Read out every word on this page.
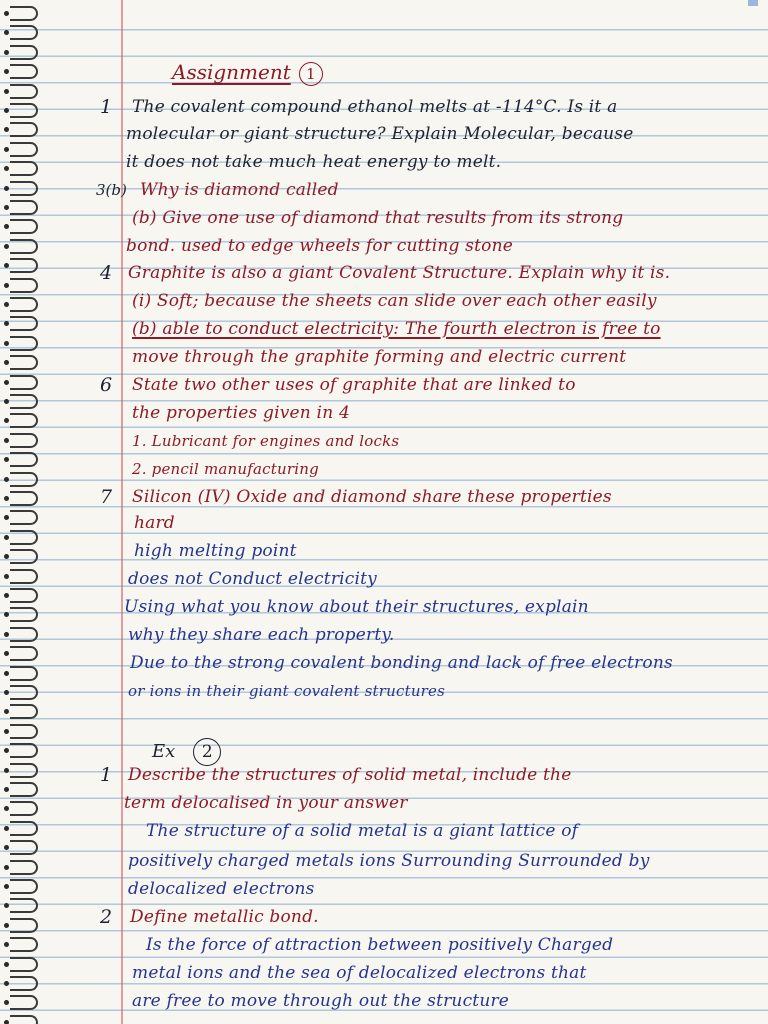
Assignment 1
1 The covalent compound ethanol melts at -114°C. Is it a
molecular or giant structure? Explain Molecular, because
it does not take much heat energy to melt.
3(b) Why is diamond called
(b) Give one use of diamond that results from its strong
bond. used to edge wheels for cutting stone
4 Graphite is also a giant Covalent Structure. Explain why it is.
(i) Soft; because the sheets can slide over each other easily
(b) able to conduct electricity: The fourth electron is free to
move through the graphite forming and electric current
6 State two other uses of graphite that are linked to
the properties given in 4
1. Lubricant for engines and locks
2. pencil manufacturing
7 Silicon (IV) Oxide and diamond share these properties
hard
high melting point
does not Conduct electricity
Using what you know about their structures, explain
why they share each property.
Due to the strong covalent bonding and lack of free electrons
or ions in their giant covalent structures
Ex 2
1 Describe the structures of solid metal, include the
term delocalised in your answer
The structure of a solid metal is a giant lattice of
positively charged metals ions Surrounding Surrounded by
delocalized electrons
2 Define metallic bond.
Is the force of attraction between positively Charged
metal ions and the sea of delocalized electrons that
are free to move through out the structure
